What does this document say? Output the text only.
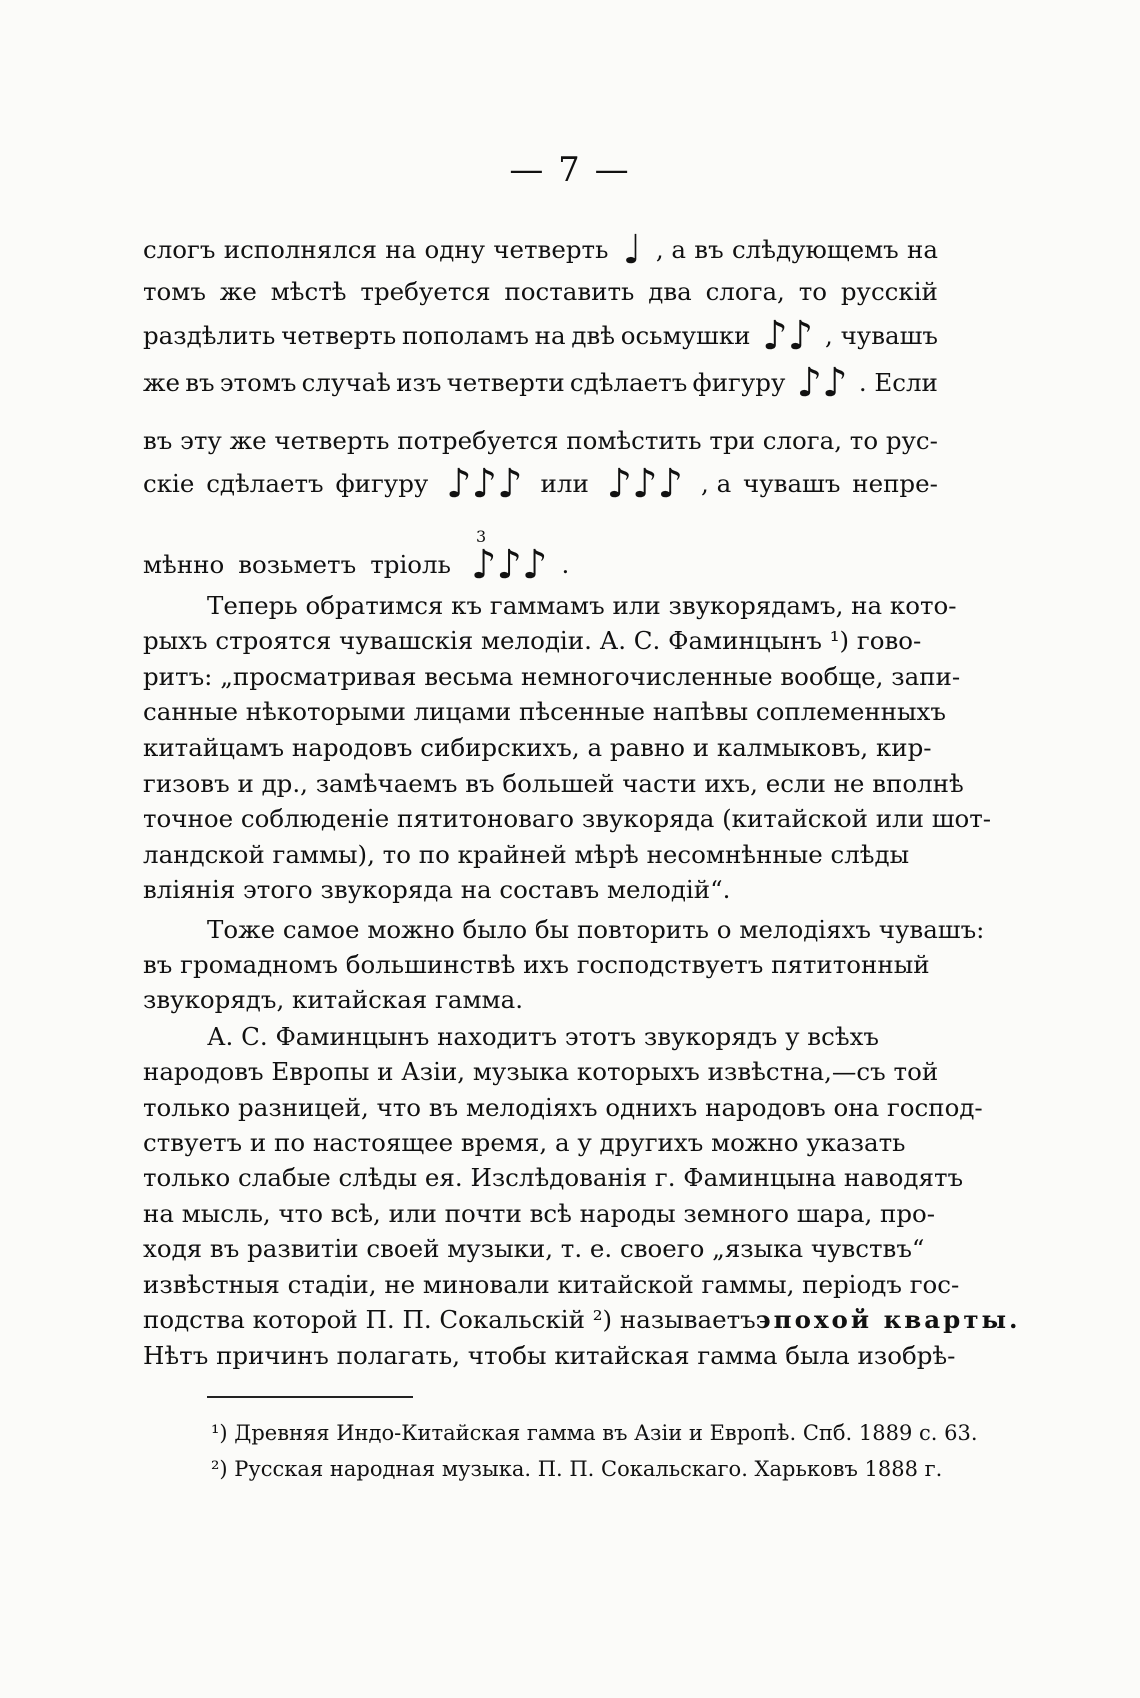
— 7 —
слогъ исполнялся на одну четверть ♩ , а въ слѣдующемъ на
томъ же мѣстѣ требуется поставить два слога, то русскій
раздѣлить четверть пополамъ на двѣ осьмушки ♪♪ , чувашъ
же въ этомъ случаѣ изъ четверти сдѣлаетъ фигуру ♪♪ . Если
въ эту же четверть потребуется помѣстить три слога, то рус-
скіе сдѣлаетъ фигуру ♪♪♪ или ♪♪♪ , а чувашъ непре-
3
мѣнно возьметъ тріоль ♪♪♪ .
Теперь обратимся къ гаммамъ или звукорядамъ, на кото-
рыхъ строятся чувашскія мелодіи. А. С. Фаминцынъ ¹) гово-
ритъ: „просматривая весьма немногочисленные вообще, запи-
санные нѣкоторыми лицами пѣсенные напѣвы соплеменныхъ
китайцамъ народовъ сибирскихъ, а равно и калмыковъ, кир-
гизовъ и др., замѣчаемъ въ большей части ихъ, если не вполнѣ
точное соблюденіе пятитоноваго звукоряда (китайской или шот-
ландской гаммы), то по крайней мѣрѣ несомнѣнные слѣды
вліянія этого звукоряда на составъ мелодій“.
Тоже самое можно было бы повторить о мелодіяхъ чувашъ:
въ громадномъ большинствѣ ихъ господствуетъ пятитонный
звукорядъ, китайская гамма.
А. С. Фаминцынъ находитъ этотъ звукорядъ у всѣхъ
народовъ Европы и Азіи, музыка которыхъ извѣстна,—съ той
только разницей, что въ мелодіяхъ однихъ народовъ она господ-
ствуетъ и по настоящее время, а у другихъ можно указать
только слабые слѣды ея. Изслѣдованія г. Фаминцына наводятъ
на мысль, что всѣ, или почти всѣ народы земного шара, про-
ходя въ развитіи своей музыки, т. е. своего „языка чувствъ“
извѣстныя стадіи, не миновали китайской гаммы, періодъ гос-
подства которой П. П. Сокальскій ²) называетъ эпохой кварты.
Нѣтъ причинъ полагать, чтобы китайская гамма была изобрѣ-
¹) Древняя Индо-Китайская гамма въ Азіи и Европѣ. Спб. 1889 с. 63.
²) Русская народная музыка. П. П. Сокальскаго. Харьковъ 1888 г.
